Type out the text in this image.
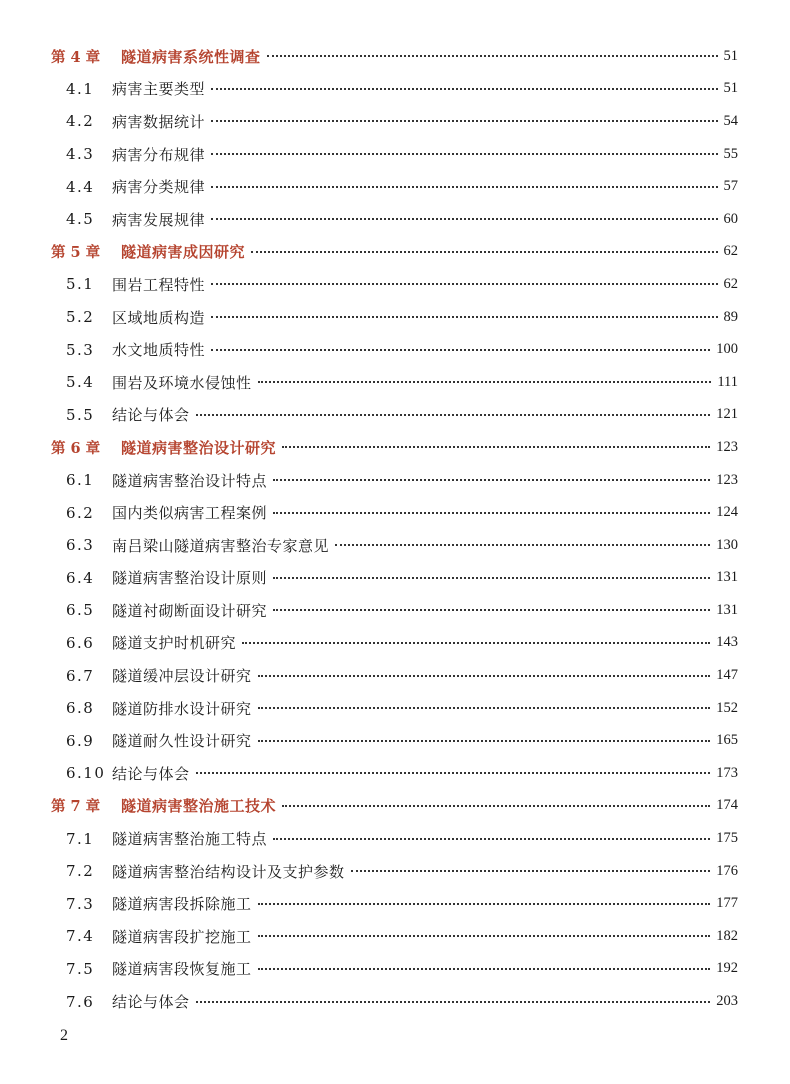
第 4 章	隧道病害系统性调查	51
4.1	病害主要类型	51
4.2	病害数据统计	54
4.3	病害分布规律	55
4.4	病害分类规律	57
4.5	病害发展规律	60
第 5 章	隧道病害成因研究	62
5.1	围岩工程特性	62
5.2	区域地质构造	89
5.3	水文地质特性	100
5.4	围岩及环境水侵蚀性	111
5.5	结论与体会	121
第 6 章	隧道病害整治设计研究	123
6.1	隧道病害整治设计特点	123
6.2	国内类似病害工程案例	124
6.3	南吕梁山隧道病害整治专家意见	130
6.4	隧道病害整治设计原则	131
6.5	隧道衬砌断面设计研究	131
6.6	隧道支护时机研究	143
6.7	隧道缓冲层设计研究	147
6.8	隧道防排水设计研究	152
6.9	隧道耐久性设计研究	165
6.10 结论与体会	173
第 7 章	隧道病害整治施工技术	174
7.1	隧道病害整治施工特点	175
7.2	隧道病害整治结构设计及支护参数	176
7.3	隧道病害段拆除施工	177
7.4	隧道病害段扩挖施工	182
7.5	隧道病害段恢复施工	192
7.6	结论与体会	203
2
